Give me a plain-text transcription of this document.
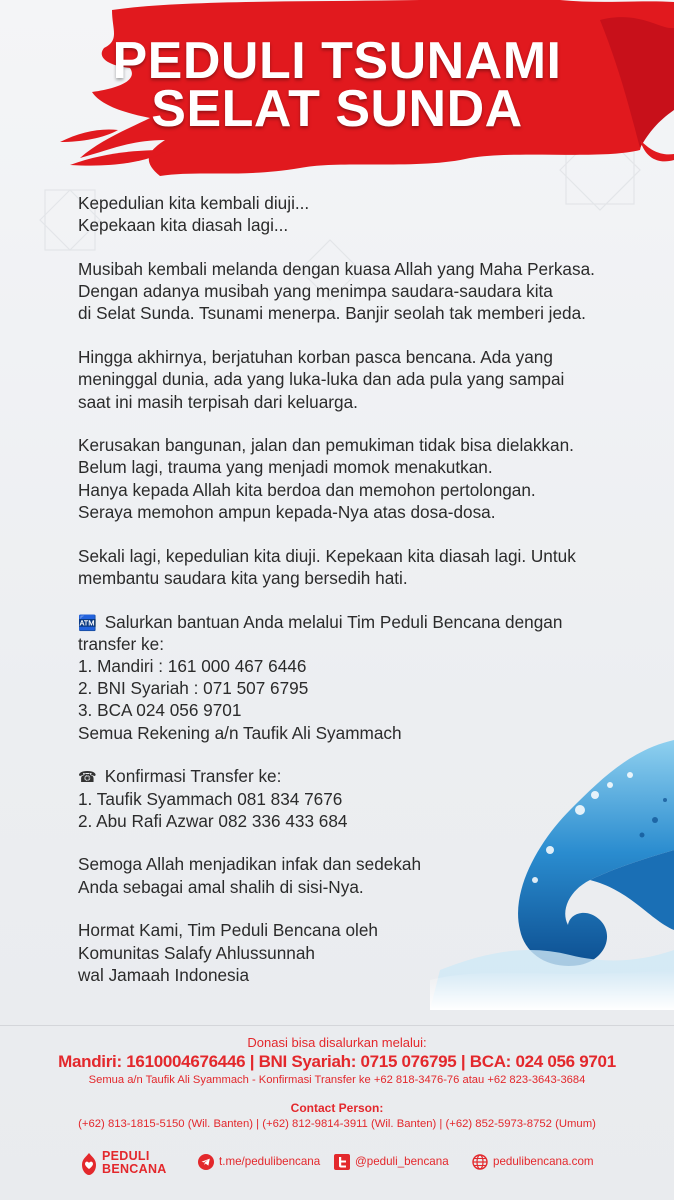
PEDULI TSUNAMI
SELAT SUNDA
Kepedulian kita kembali diuji...
Kepekaan kita diasah lagi...
Musibah kembali melanda dengan kuasa Allah yang Maha Perkasa.
Dengan adanya musibah yang menimpa saudara-saudara kita
di Selat Sunda. Tsunami menerpa. Banjir seolah tak memberi jeda.
Hingga akhirnya, berjatuhan korban pasca bencana. Ada yang
meninggal dunia, ada yang luka-luka dan ada pula yang sampai
saat ini masih terpisah dari keluarga.
Kerusakan bangunan, jalan dan pemukiman tidak bisa dielakkan.
Belum lagi, trauma yang menjadi momok menakutkan.
Hanya kepada Allah kita berdoa dan memohon pertolongan.
Seraya memohon ampun kepada-Nya atas dosa-dosa.
Sekali lagi, kepedulian kita diuji. Kepekaan kita diasah lagi. Untuk
membantu saudara kita yang bersedih hati.
🏧 Salurkan bantuan Anda melalui Tim Peduli Bencana dengan
transfer ke:
1. Mandiri : 161 000 467 6446
2. BNI Syariah : 071 507 6795
3. BCA 024 056 9701
Semua Rekening a/n Taufik Ali Syammach
☎ Konfirmasi Transfer ke:
1. Taufik Syammach 081 834 7676
2. Abu Rafi Azwar 082 336 433 684
Semoga Allah menjadikan infak dan sedekah
Anda sebagai amal shalih di sisi-Nya.
Hormat Kami, Tim Peduli Bencana oleh
Komunitas Salafy Ahlussunnah
wal Jamaah Indonesia
Donasi bisa disalurkan melalui:
Mandiri: 1610004676446 | BNI Syariah: 0715 076795 | BCA: 024 056 9701
Semua a/n Taufik Ali Syammach - Konfirmasi Transfer ke +62 818-3476-76 atau +62 823-3643-3684
Contact Person:
(+62) 813-1815-5150 (Wil. Banten) | (+62) 812-9814-3911 (Wil. Banten) | (+62) 852-5973-8752 (Umum)
PEDULI
BENCANA
t.me/pedulibencana	@peduli_bencana	pedulibencana.com
